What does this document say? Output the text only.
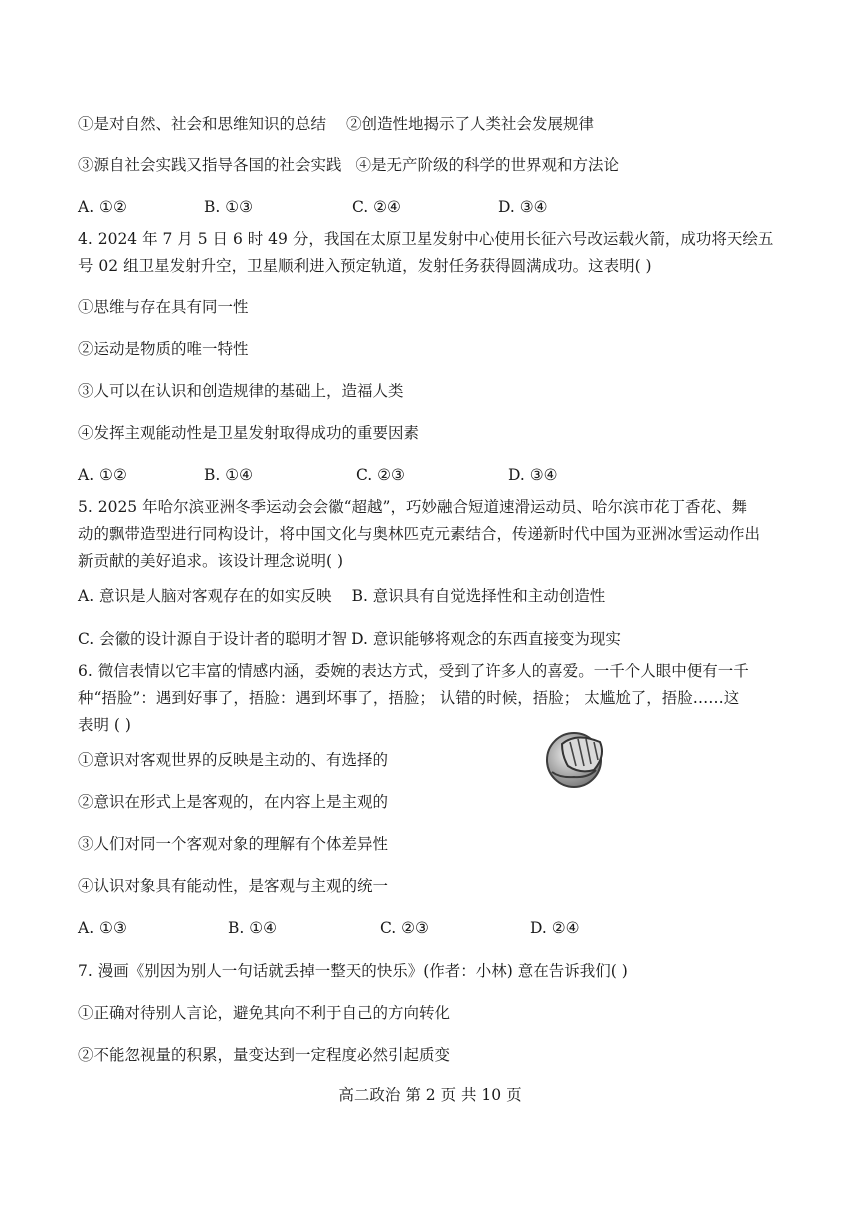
①是对自然、社会和思维知识的总结 ②创造性地揭示了人类社会发展规律
③源自社会实践又指导各国的社会实践 ④是无产阶级的科学的世界观和方法论
A. ①②	B. ①③	C. ②④	D. ③④
4. 2024 年 7 月 5 日 6 时 49 分，我国在太原卫星发射中心使用长征六号改运载火箭，成功将天绘五
号 02 组卫星发射升空，卫星顺利进入预定轨道，发射任务获得圆满成功。这表明( )
①思维与存在具有同一性
②运动是物质的唯一特性
③人可以在认识和创造规律的基础上，造福人类
④发挥主观能动性是卫星发射取得成功的重要因素
A. ①②	B. ①④	C. ②③	D. ③④
5. 2025 年哈尔滨亚洲冬季运动会会徽“超越”，巧妙融合短道速滑运动员、哈尔滨市花丁香花、舞
动的飘带造型进行同构设计，将中国文化与奥林匹克元素结合，传递新时代中国为亚洲冰雪运动作出
新贡献的美好追求。该设计理念说明( )
A. 意识是人脑对客观存在的如实反映 B. 意识具有自觉选择性和主动创造性
C. 会徽的设计源自于设计者的聪明才智 D. 意识能够将观念的东西直接变为现实
6. 微信表情以它丰富的情感内涵，委婉的表达方式，受到了许多人的喜爱。一千个人眼中便有一千
种“捂脸”：遇到好事了，捂脸：遇到坏事了，捂脸； 认错的时候，捂脸； 太尴尬了，捂脸……这
表明 ( )
①意识对客观世界的反映是主动的、有选择的
②意识在形式上是客观的，在内容上是主观的
③人们对同一个客观对象的理解有个体差异性
④认识对象具有能动性，是客观与主观的统一
A. ①③	B. ①④	C. ②③	D. ②④
7. 漫画《别因为别人一句话就丢掉一整天的快乐》(作者：小林) 意在告诉我们( )
①正确对待别人言论，避免其向不利于自己的方向转化
②不能忽视量的积累，量变达到一定程度必然引起质变
高二政治 第 2 页 共 10 页
